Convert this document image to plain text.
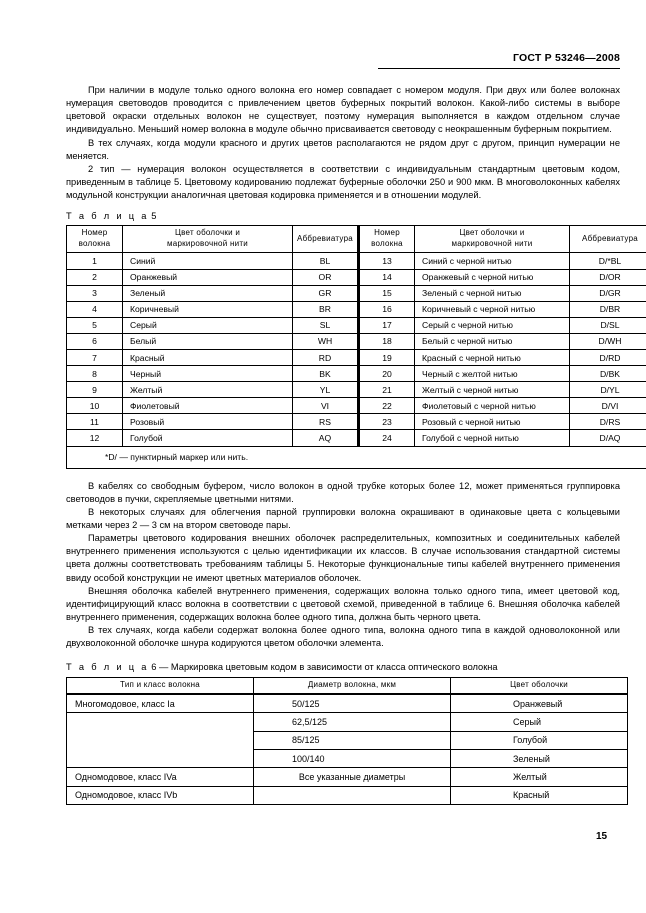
ГОСТ Р 53246—2008

При наличии в модуле только одного волокна его номер совпадает с номером модуля. При двух или более волокнах нумерация световодов проводится с привлечением цветов буферных покрытий волокон. Какой-либо системы в выборе цветовой окраски отдельных волокон не существует, поэтому нумерация выполняется в каждом отдельном случае индивидуально. Меньший номер волокна в модуле обычно присваивается световоду с неокрашенным буферным покрытием.

В тех случаях, когда модули красного и других цветов располагаются не рядом друг с другом, принцип нумерации не меняется.

2 тип — нумерация волокон осуществляется в соответствии с индивидуальным стандартным цветовым кодом, приведенным в таблице 5. Цветовому кодированию подлежат буферные оболочки 250 и 900 мкм. В многоволоконных кабелях модульной конструкции аналогичная цветовая кодировка применяется и в отношении модулей.

Т а б л и ц а 5
Номер
волокна	Цвет оболочки и
маркировочной нити	Аббревиатура	Номер
волокна	Цвет оболочки и
маркировочной нити	Аббревиатура
1	Синий	BL	13	Синий с черной нитью	D/*BL
2	Оранжевый	OR	14	Оранжевый с черной нитью	D/OR
3	Зеленый	GR	15	Зеленый с черной нитью	D/GR
4	Коричневый	BR	16	Коричневый с черной нитью	D/BR
5	Серый	SL	17	Серый с черной нитью	D/SL
6	Белый	WH	18	Белый с черной нитью	D/WH
7	Красный	RD	19	Красный с черной нитью	D/RD
8	Черный	BK	20	Черный с желтой нитью	D/BK
9	Желтый	YL	21	Желтый с черной нитью	D/YL
10	Фиолетовый	VI	22	Фиолетовый с черной нитью	D/VI
11	Розовый	RS	23	Розовый с черной нитью	D/RS
12	Голубой	AQ	24	Голубой с черной нитью	D/AQ
*D/ — пунктирный маркер или нить.					

В кабелях со свободным буфером, число волокон в одной трубке которых более 12, может применяться группировка световодов в пучки, скрепляемые цветными нитями.

В некоторых случаях для облегчения парной группировки волокна окрашивают в одинаковые цвета с кольцевыми метками через 2 — 3 см на втором световоде пары.

Параметры цветового кодирования внешних оболочек распределительных, композитных и соединительных кабелей внутреннего применения используются с целью идентификации их классов. В случае использования стандартной системы цвета должны соответствовать требованиям таблицы 5. Некоторые функциональные типы кабелей внутреннего применения ввиду особой конструкции не имеют цветных материалов оболочек.

Внешняя оболочка кабелей внутреннего применения, содержащих волокна только одного типа, имеет цветовой код, идентифицирующий класс волокна в соответствии с цветовой схемой, приведенной в таблице 6. Внешняя оболочка кабелей внутреннего применения, содержащих волокна более одного типа, должна быть черного цвета.

В тех случаях, когда кабели содержат волокна более одного типа, волокна одного типа в каждой одноволоконной или двухволоконной оболочке шнура кодируются цветом оболочки элемента.

Т а б л и ц а 6 — Маркировка цветовым кодом в зависимости от класса оптического волокна
Тип и класс волокна	Диаметр волокна, мкм	Цвет оболочки
Многомодовое, класс Ia	50/125	Оранжевый
	62,5/125	Серый
	85/125	Голубой
	100/140	Зеленый
Одномодовое, класс IVa	Все указанные диаметры	Желтый
Одномодовое, класс IVb		Красный
15
